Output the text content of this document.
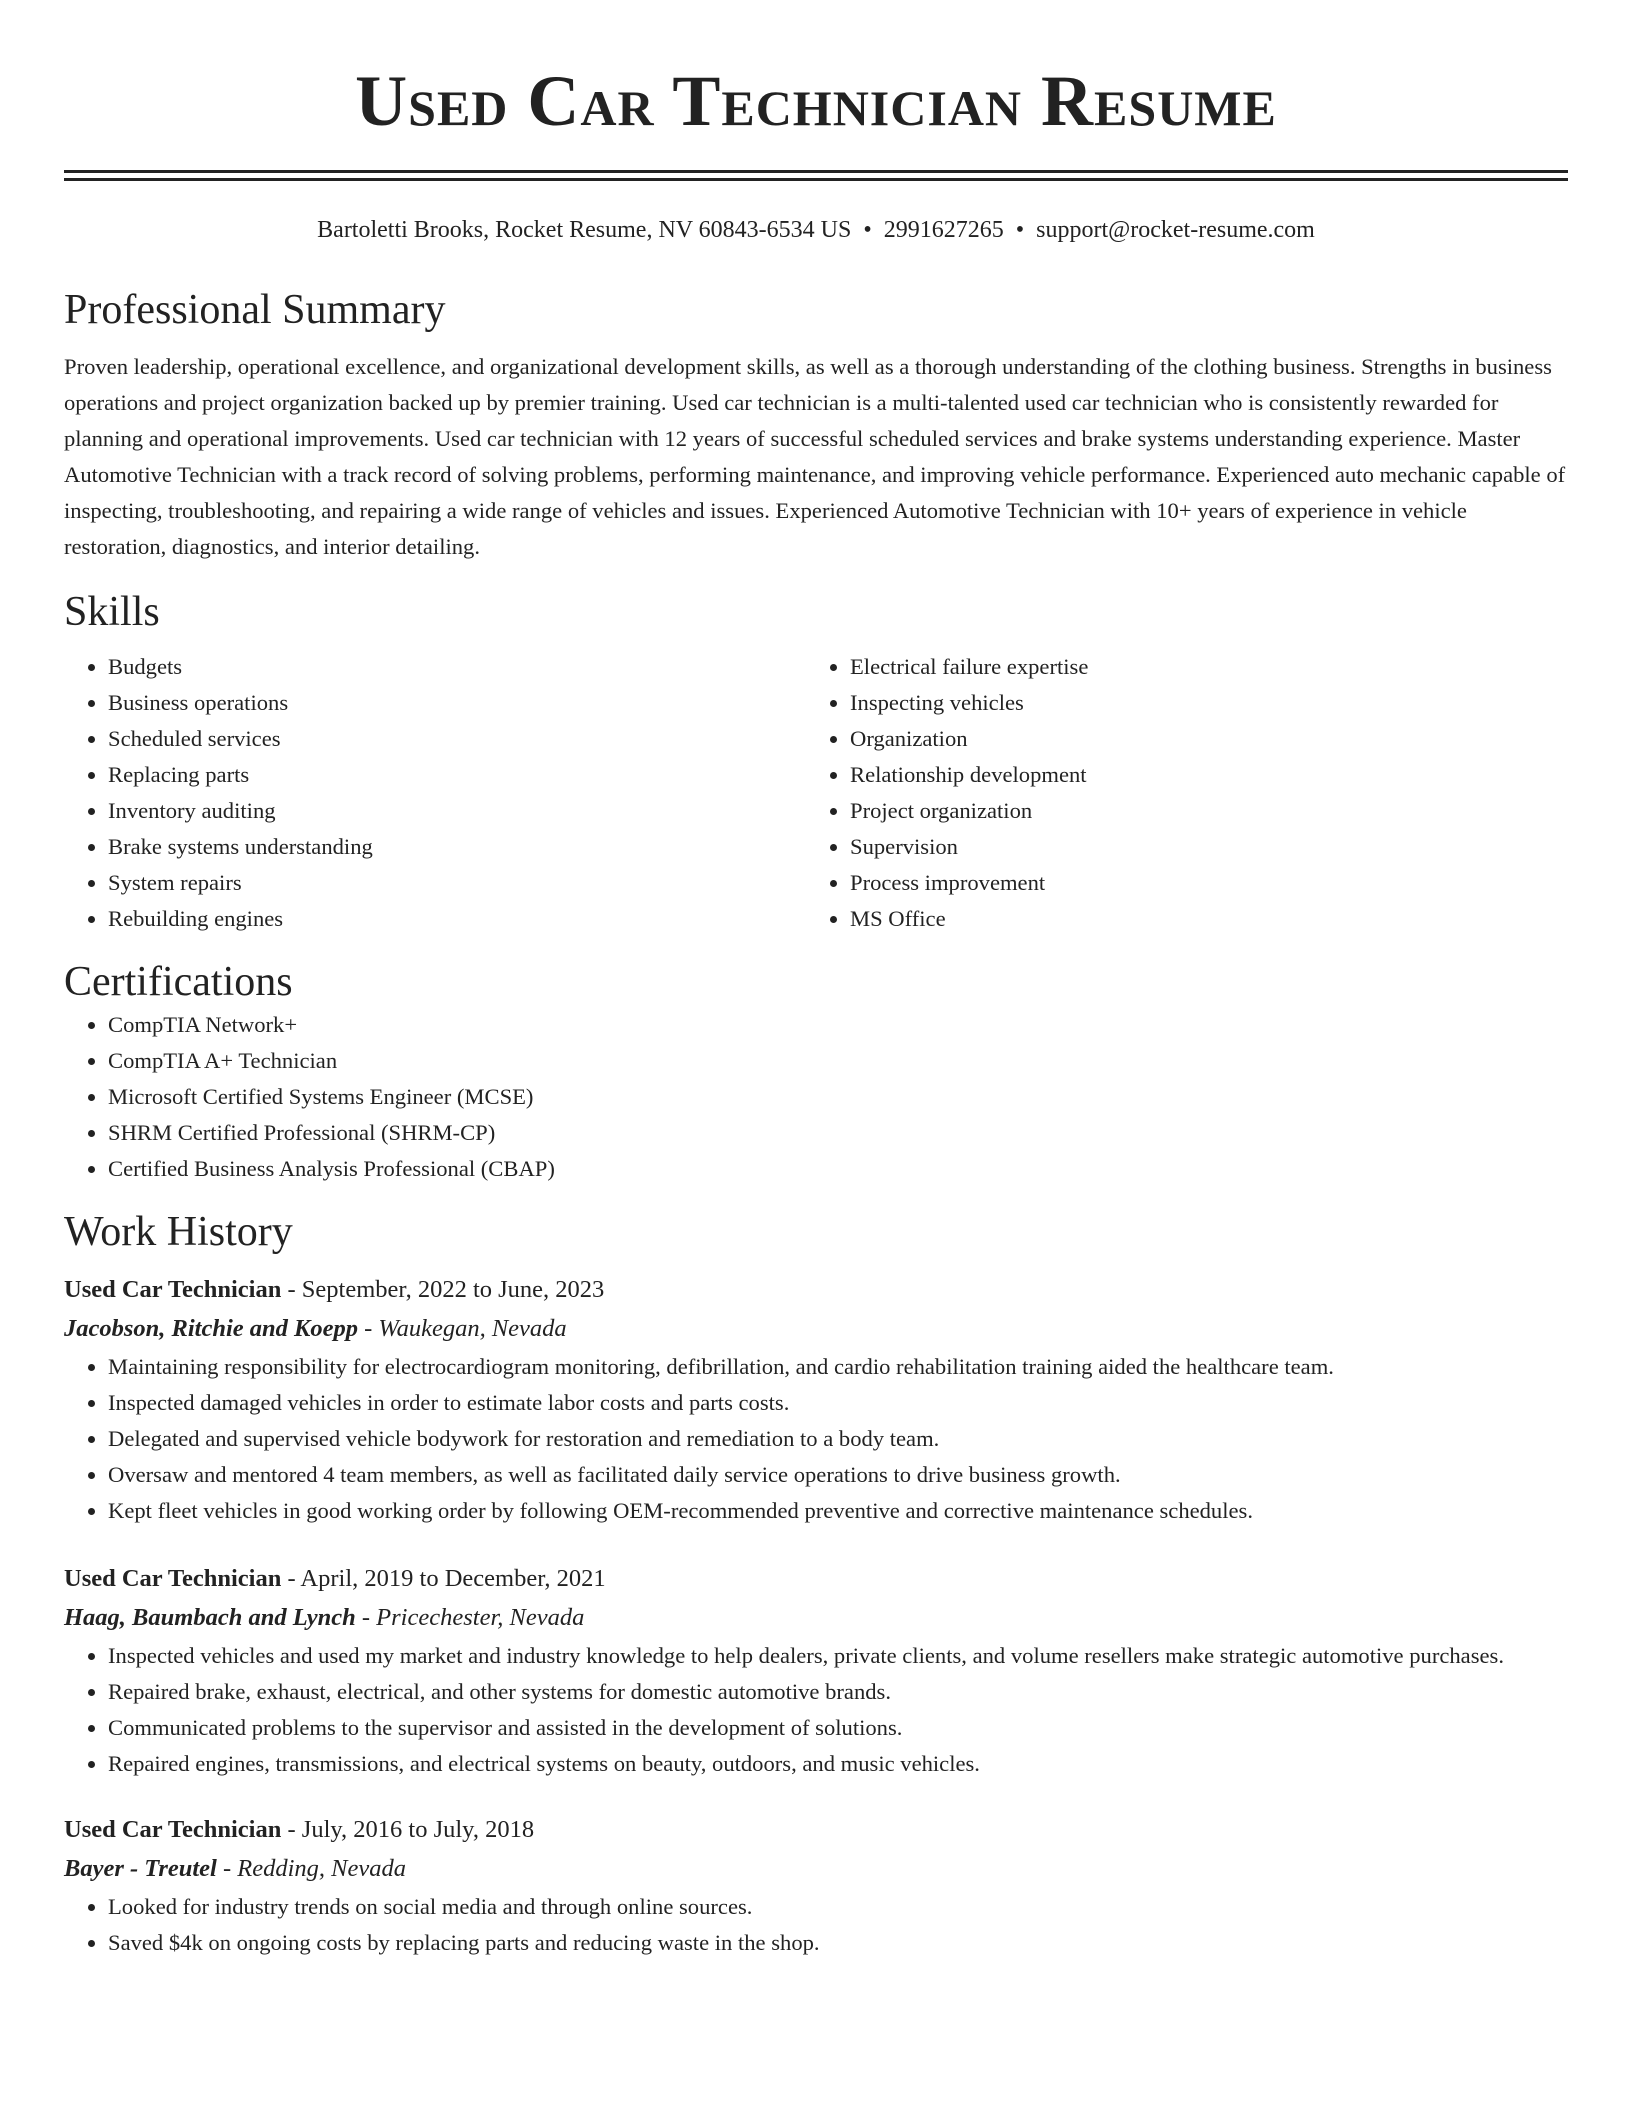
Used Car Technician Resume
Bartoletti Brooks, Rocket Resume, NV 60843-6534 US • 2991627265 • support@rocket-resume.com
Professional Summary

Proven leadership, operational excellence, and organizational development skills, as well as a thorough understanding of the clothing business. Strengths in business operations and project organization backed up by premier training. Used car technician is a multi-talented used car technician who is consistently rewarded for planning and operational improvements. Used car technician with 12 years of successful scheduled services and brake systems understanding experience. Master Automotive Technician with a track record of solving problems, performing maintenance, and improving vehicle performance. Experienced auto mechanic capable of inspecting, troubleshooting, and repairing a wide range of vehicles and issues. Experienced Automotive Technician with 10+ years of experience in vehicle restoration, diagnostics, and interior detailing.

Skills
• Budgets
• Business operations
• Scheduled services
• Replacing parts
• Inventory auditing
• Brake systems understanding
• System repairs
• Rebuilding engines
• Electrical failure expertise
• Inspecting vehicles
• Organization
• Relationship development
• Project organization
• Supervision
• Process improvement
• MS Office
Certifications
• CompTIA Network+
• CompTIA A+ Technician
• Microsoft Certified Systems Engineer (MCSE)
• SHRM Certified Professional (SHRM-CP)
• Certified Business Analysis Professional (CBAP)
Work History
Used Car Technician - September, 2022 to June, 2023
Jacobson, Ritchie and Koepp - Waukegan, Nevada
• Maintaining responsibility for electrocardiogram monitoring, defibrillation, and cardio rehabilitation training aided the healthcare team.
• Inspected damaged vehicles in order to estimate labor costs and parts costs.
• Delegated and supervised vehicle bodywork for restoration and remediation to a body team.
• Oversaw and mentored 4 team members, as well as facilitated daily service operations to drive business growth.
• Kept fleet vehicles in good working order by following OEM-recommended preventive and corrective maintenance schedules.
Used Car Technician - April, 2019 to December, 2021
Haag, Baumbach and Lynch - Pricechester, Nevada
• Inspected vehicles and used my market and industry knowledge to help dealers, private clients, and volume resellers make strategic automotive purchases.
• Repaired brake, exhaust, electrical, and other systems for domestic automotive brands.
• Communicated problems to the supervisor and assisted in the development of solutions.
• Repaired engines, transmissions, and electrical systems on beauty, outdoors, and music vehicles.
Used Car Technician - July, 2016 to July, 2018
Bayer - Treutel - Redding, Nevada
• Looked for industry trends on social media and through online sources.
• Saved $4k on ongoing costs by replacing parts and reducing waste in the shop.
